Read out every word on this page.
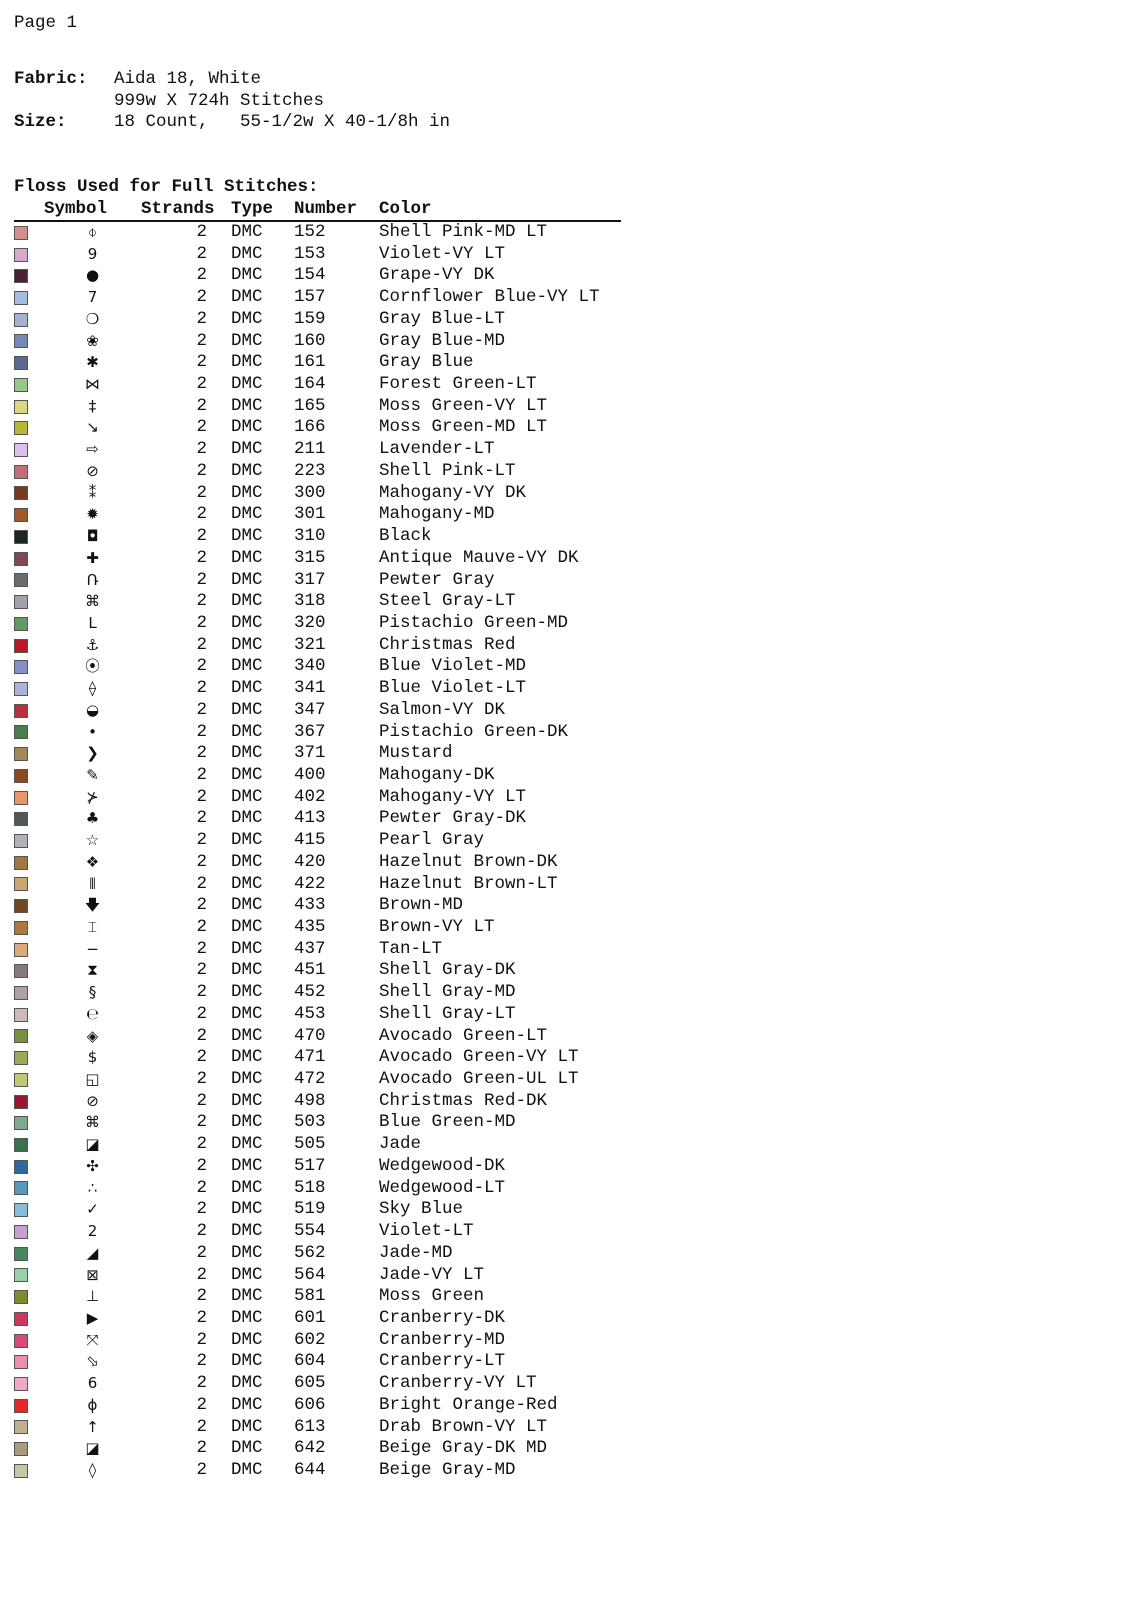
Page 1
Fabric:	Aida 18, White
999w X 724h Stitches
Size:	18 Count,   55-1/2w X 40-1/8h in
Floss Used for Full Stitches:
Symbol	Strands Type	Number	Color
⌽	2	DMC	152	Shell Pink-MD LT
9	2	DMC	153	Violet-VY LT
●	2	DMC	154	Grape-VY DK
7	2	DMC	157	Cornflower Blue-VY LT
❍	2	DMC	159	Gray Blue-LT
❀	2	DMC	160	Gray Blue-MD
✱	2	DMC	161	Gray Blue
⋈	2	DMC	164	Forest Green-LT
‡	2	DMC	165	Moss Green-VY LT
↘	2	DMC	166	Moss Green-MD LT
⇨	2	DMC	211	Lavender-LT
⊘	2	DMC	223	Shell Pink-LT
⁑	2	DMC	300	Mahogany-VY DK
✹	2	DMC	301	Mahogany-MD
◘	2	DMC	310	Black
✚	2	DMC	315	Antique Mauve-VY DK
Ռ	2	DMC	317	Pewter Gray
⌘	2	DMC	318	Steel Gray-LT
L	2	DMC	320	Pistachio Green-MD
⚓	2	DMC	321	Christmas Red
⦿	2	DMC	340	Blue Violet-MD
⟠	2	DMC	341	Blue Violet-LT
◒	2	DMC	347	Salmon-VY DK
•	2	DMC	367	Pistachio Green-DK
❯	2	DMC	371	Mustard
✎	2	DMC	400	Mahogany-DK
⊁	2	DMC	402	Mahogany-VY LT
♣	2	DMC	413	Pewter Gray-DK
☆	2	DMC	415	Pearl Gray
❖	2	DMC	420	Hazelnut Brown-DK
⦀	2	DMC	422	Hazelnut Brown-LT
🡇	2	DMC	433	Brown-MD
⌶	2	DMC	435	Brown-VY LT
−	2	DMC	437	Tan-LT
⧗	2	DMC	451	Shell Gray-DK
§	2	DMC	452	Shell Gray-MD
℮	2	DMC	453	Shell Gray-LT
◈	2	DMC	470	Avocado Green-LT
$	2	DMC	471	Avocado Green-VY LT
◱	2	DMC	472	Avocado Green-UL LT
⊘	2	DMC	498	Christmas Red-DK
⌘	2	DMC	503	Blue Green-MD
◪	2	DMC	505	Jade
✣	2	DMC	517	Wedgewood-DK
∴	2	DMC	518	Wedgewood-LT
✓	2	DMC	519	Sky Blue
2	2	DMC	554	Violet-LT
◢	2	DMC	562	Jade-MD
⊠	2	DMC	564	Jade-VY LT
⊥	2	DMC	581	Moss Green
▶	2	DMC	601	Cranberry-DK
⤧	2	DMC	602	Cranberry-MD
⬂	2	DMC	604	Cranberry-LT
6	2	DMC	605	Cranberry-VY LT
ɸ	2	DMC	606	Bright Orange-Red
↑	2	DMC	613	Drab Brown-VY LT
◪	2	DMC	642	Beige Gray-DK MD
◊	2	DMC	644	Beige Gray-MD
